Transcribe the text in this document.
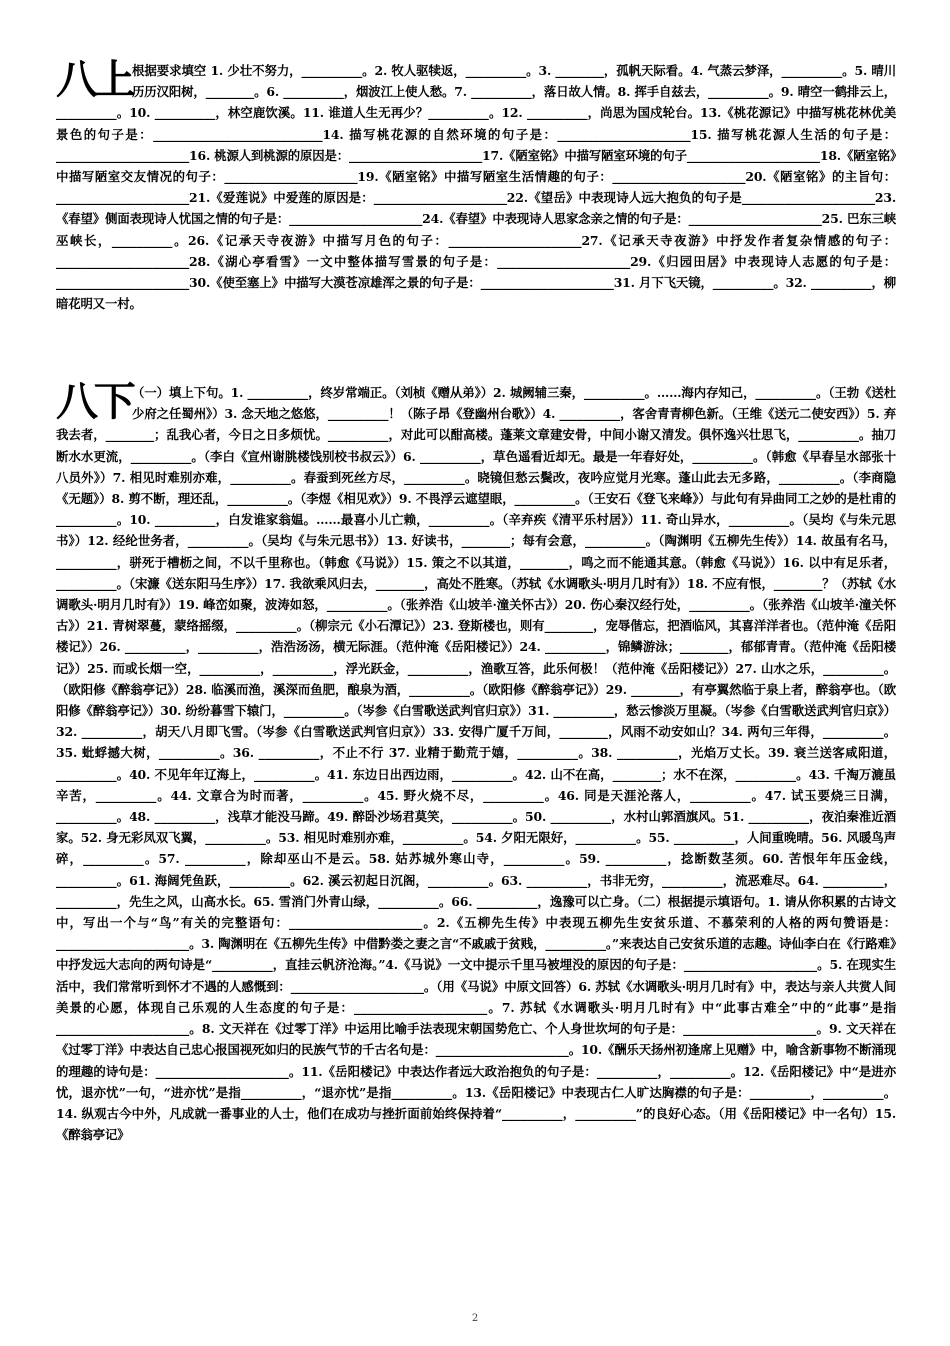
八上 根据要求填空 1. 少壮不努力，__________。2. 牧人驱犊返，__________。3. ________，孤帆天际看。4. 气蒸云梦泽，__________。5. 晴川历历汉阳树，________。6. __________，烟波江上使人愁。7. __________，落日故人情。8. 挥手自兹去，__________。9. 晴空一鹤排云上，__________。10. __________，林空鹿饮溪。11. 谁道人生无再少？__________。12. __________，尚思为国戍轮台。13.《桃花源记》中描写桃花林优美景色的句子是：____________________________14. 描写桃花源的自然环境的句子是：______________________15. 描写桃花源人生活的句子是：______________________16. 桃源人到桃源的原因是：______________________17.《陋室铭》中描写陋室环境的句子______________________18.《陋室铭》中描写陋室交友情况的句子：______________________19.《陋室铭》中描写陋室生活情趣的句子：______________________20.《陋室铭》的主旨句：______________________21.《爱莲说》中爱莲的原因是：______________________22.《望岳》中表现诗人远大抱负的句子是______________________23.《春望》侧面表现诗人忧国之情的句子是：______________________24.《春望》中表现诗人思家念亲之情的句子是：______________________25. 巴东三峡巫峡长，__________。26.《记承天寺夜游》中描写月色的句子：______________________27.《记承天寺夜游》中抒发作者复杂情感的句子：______________________28.《湖心亭看雪》一文中整体描写雪景的句子是：______________________29.《归园田居》中表现诗人志愿的句子是：______________________30.《使至塞上》中描写大漠苍凉雄浑之景的句子是：______________________31. 月下飞天镜，__________。32. __________，柳暗花明又一村。

八下 （一）填上下句。1. __________，终岁常端正。（刘桢《赠从弟》）2. 城阙辅三秦，__________。……海内存知己，__________。（王勃《送杜少府之任蜀州》）3. 念天地之悠悠，__________！（陈子昂《登幽州台歌》）4. __________，客舍青青柳色新。（王维《送元二使安西》）5. 弃我去者，________；乱我心者，今日之日多烦忧。__________，对此可以酣高楼。蓬莱文章建安骨，中间小谢又清发。俱怀逸兴壮思飞，__________。抽刀断水水更流，__________。（李白《宣州谢朓楼饯别校书叔云》）6. __________，草色遥看近却无。最是一年春好处，__________。（韩愈《早春呈水部张十八员外》）7. 相见时难别亦难，__________。春蚕到死丝方尽，__________。晓镜但愁云鬓改，夜吟应觉月光寒。蓬山此去无多路，__________。（李商隐《无题》）8. 剪不断，理还乱，__________。（李煜《相见欢》）9. 不畏浮云遮望眼，__________。（王安石《登飞来峰》）与此句有异曲同工之妙的是杜甫的__________。10. __________，白发谁家翁媪。……最喜小儿亡赖，__________。（辛弃疾《清平乐村居》）11. 奇山异水，__________。（吴均《与朱元思书》）12. 经纶世务者，__________。（吴均《与朱元思书》）13. 好读书，________；每有会意，__________。（陶渊明《五柳先生传》）14. 故虽有名马，__________，骈死于槽枥之间，不以千里称也。（韩愈《马说》）15. 策之不以其道，________，鸣之而不能通其意。（韩愈《马说》）16. 以中有足乐者，__________。（宋濂《送东阳马生序》）17. 我欲乘风归去，________，高处不胜寒。（苏轼《水调歌头·明月几时有》）18. 不应有恨，________？（苏轼《水调歌头·明月几时有》）19. 峰峦如聚，波涛如怒，__________。（张养浩《山坡羊·潼关怀古》）20. 伤心秦汉经行处，__________。（张养浩《山坡羊·潼关怀古》）21. 青树翠蔓，蒙络摇缀，__________。（柳宗元《小石潭记》）23. 登斯楼也，则有________，宠辱偕忘，把酒临风，其喜洋洋者也。（范仲淹《岳阳楼记》）26. __________，__________，浩浩汤汤，横无际涯。（范仲淹《岳阳楼记》）24. __________，锦鳞游泳；________，郁郁青青。（范仲淹《岳阳楼记》）25. 而或长烟一空，__________，__________，浮光跃金，__________，渔歌互答，此乐何极！（范仲淹《岳阳楼记》）27. 山水之乐，__________。（欧阳修《醉翁亭记》）28. 临溪而渔，溪深而鱼肥，酿泉为酒，__________。（欧阳修《醉翁亭记》）29. ________，有亭翼然临于泉上者，醉翁亭也。（欧阳修《醉翁亭记》）30. 纷纷暮雪下辕门，__________。（岑参《白雪歌送武判官归京》）31. __________，愁云惨淡万里凝。（岑参《白雪歌送武判官归京》）32. __________，胡天八月即飞雪。（岑参《白雪歌送武判官归京》）33. 安得广厦千万间，________，风雨不动安如山？34. 两句三年得，__________。35. 蚍蜉撼大树，__________。36. __________，不止不行 37. 业精于勤荒于嬉，__________。38. __________，光焰万丈长。39. 衰兰送客咸阳道，__________。40. 不见年年辽海上，__________。41. 东边日出西边雨，__________。42. 山不在高，________；水不在深，__________。43. 千淘万漉虽辛苦，__________。44. 文章合为时而著，__________。45. 野火烧不尽，__________。46. 同是天涯沦落人，__________。47. 试玉要烧三日满，__________。48. __________，浅草才能没马蹄。49. 醉卧沙场君莫笑，__________。50. __________，水村山郭酒旗风。51. __________，夜泊秦淮近酒家。52. 身无彩凤双飞翼，__________。53. 相见时难别亦难，__________。54. 夕阳无限好，__________。55. __________，人间重晚晴。56. 风暖鸟声碎，__________。57. __________，除却巫山不是云。58. 姑苏城外寒山寺，__________。59. __________，捻断数茎须。60. 苦恨年年压金线，__________。61. 海阔凭鱼跃，__________。62. 溪云初起日沉阁，__________。63. __________，书非无穷，__________，流恶难尽。64. __________，__________，先生之风，山高水长。65. 雪消门外青山绿，__________。66. __________，逸豫可以亡身。（二）根据提示填语句。1. 请从你积累的古诗文中，写出一个与“鸟”有关的完整语句：______________________。2.《五柳先生传》中表现五柳先生安贫乐道、不慕荣利的人格的两句赞语是：______________________。3. 陶渊明在《五柳先生传》中借黔娄之妻之言“不戚戚于贫贱，__________。”来表达自己安贫乐道的志趣。诗仙李白在《行路难》中抒发远大志向的两句诗是“__________，直挂云帆济沧海。”4.《马说》一文中提示千里马被埋没的原因的句子是：______________________。5. 在现实生活中，我们常常听到怀才不遇的人感慨到：______________________。（用《马说》中原文回答）6. 苏轼《水调歌头·明月几时有》中，表达与亲人共赏人间美景的心愿，体现自己乐观的人生态度的句子是：______________________。7. 苏轼《水调歌头·明月几时有》中“此事古难全”中的“此事”是指______________________。8. 文天祥在《过零丁洋》中运用比喻手法表现宋朝国势危亡、个人身世坎坷的句子是：______________________。9. 文天祥在《过零丁洋》中表达自己忠心报国视死如归的民族气节的千古名句是：______________________。10.《酬乐天扬州初逢席上见赠》中，喻含新事物不断涌现的理趣的诗句是：______________________。11.《岳阳楼记》中表达作者远大政治抱负的句子是：__________，__________。12.《岳阳楼记》中“是进亦忧，退亦忧”一句，“进亦忧”是指__________，“退亦忧”是指__________。13.《岳阳楼记》中表现古仁人旷达胸襟的句子是：__________，__________。14. 纵观古今中外，凡成就一番事业的人士，他们在成功与挫折面前始终保持着“__________，__________”的良好心态。（用《岳阳楼记》中一名句）15.《醉翁亭记》

2
